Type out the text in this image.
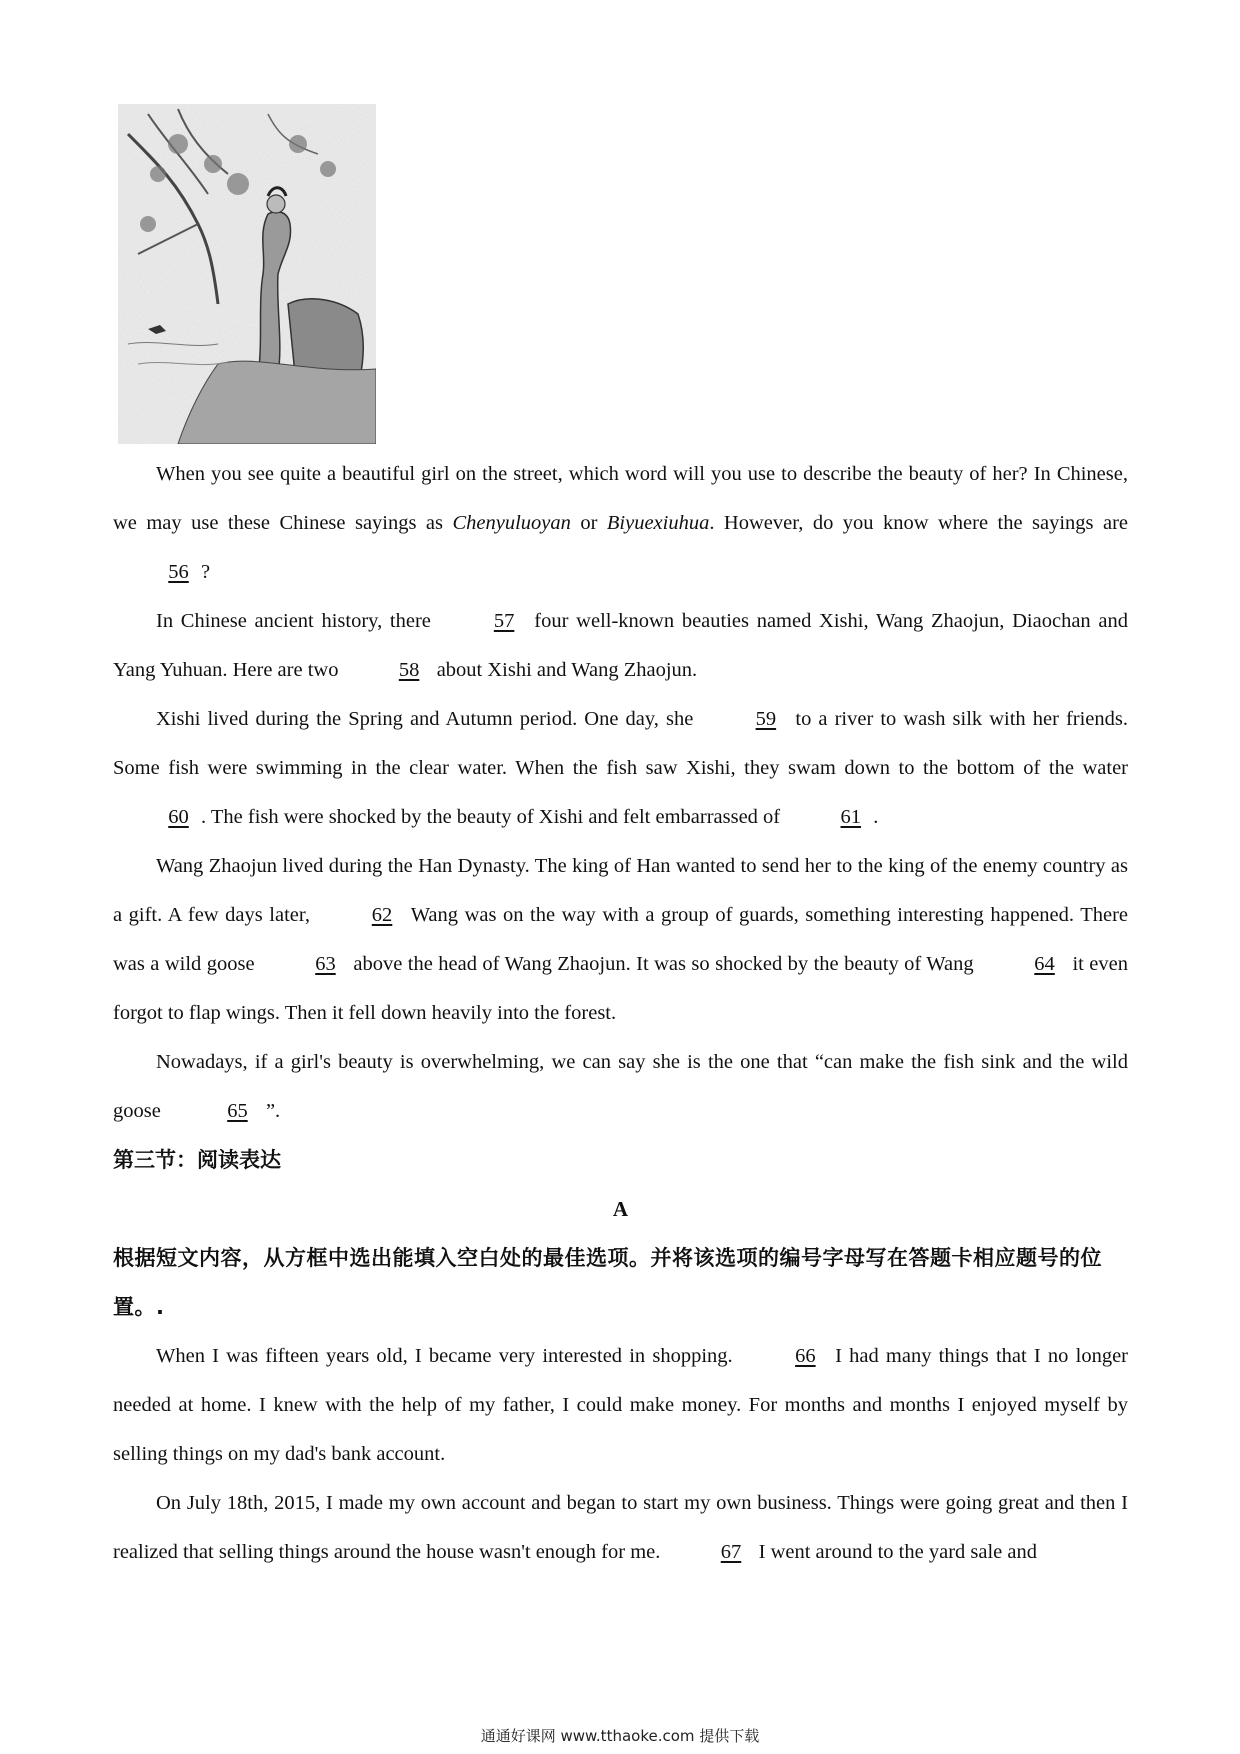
When you see quite a beautiful girl on the street, which word will you use to describe the beauty of her? In Chinese, we may use these Chinese sayings as Chenyuluoyan or Biyuexiuhua. However, do you know where the sayings are 56 ?

In Chinese ancient history, there	57 four well-known beauties named Xishi, Wang Zhaojun, Diaochan and Yang Yuhuan. Here are two	58 about Xishi and Wang Zhaojun.

Xishi lived during the Spring and Autumn period. One day, she	59 to a river to wash silk with her friends. Some fish were swimming in the clear water. When the fish saw Xishi, they swam down to the bottom of the water 60 . The fish were shocked by the beauty of Xishi and felt embarrassed of	61 .

Wang Zhaojun lived during the Han Dynasty. The king of Han wanted to send her to the king of the enemy country as a gift. A few days later,	62 Wang was on the way with a group of guards, something interesting happened. There was a wild goose	63 above the head of Wang Zhaojun. It was so shocked by the beauty of Wang	64 it even forgot to flap wings. Then it fell down heavily into the forest.

Nowadays, if a girl's beauty is overwhelming, we can say she is the one that “can make the fish sink and the wild goose	65 ”.

第三节：阅读表达

A

根据短文内容，从方框中选出能填入空白处的最佳选项。并将该选项的编号字母写在答题卡相应题号的位置。.

When I was fifteen years old, I became very interested in shopping.	66 I had many things that I no longer needed at home. I knew with the help of my father, I could make money. For months and months I enjoyed myself by selling things on my dad's bank account.

On July 18th, 2015, I made my own account and began to start my own business. Things were going great and then I realized that selling things around the house wasn't enough for me.	67 I went around to the yard sale and

通通好课网 www.tthaoke.com 提供下载
